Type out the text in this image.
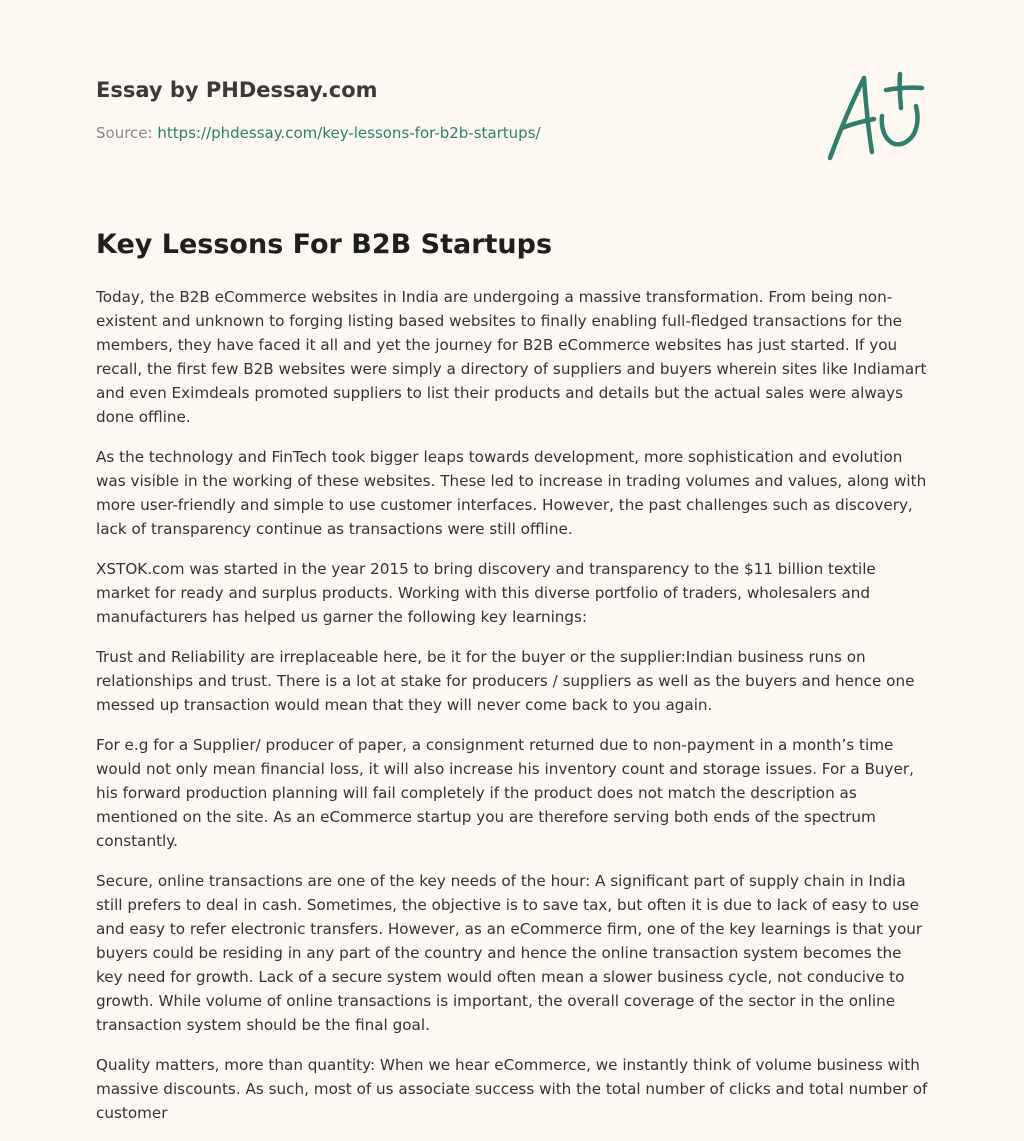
Essay by PHDessay.com
Source: https://phdessay.com/key-lessons-for-b2b-startups/
Key Lessons For B2B Startups

Today, the B2B eCommerce websites in India are undergoing a massive transformation. From being non-existent and unknown to forging listing based websites to finally enabling full-fledged transactions for the members, they have faced it all and yet the journey for B2B eCommerce websites has just started. If you recall, the first few B2B websites were simply a directory of suppliers and buyers wherein sites like Indiamart and even Eximdeals promoted suppliers to list their products and details but the actual sales were always done offline.

As the technology and FinTech took bigger leaps towards development, more sophistication and evolution was visible in the working of these websites. These led to increase in trading volumes and values, along with more user-friendly and simple to use customer interfaces. However, the past challenges such as discovery, lack of transparency continue as transactions were still offline.

XSTOK.com was started in the year 2015 to bring discovery and transparency to the $11 billion textile market for ready and surplus products. Working with this diverse portfolio of traders, wholesalers and manufacturers has helped us garner the following key learnings:

Trust and Reliability are irreplaceable here, be it for the buyer or the supplier:Indian business runs on relationships and trust. There is a lot at stake for producers / suppliers as well as the buyers and hence one messed up transaction would mean that they will never come back to you again.

For e.g for a Supplier/ producer of paper, a consignment returned due to non-payment in a month’s time would not only mean financial loss, it will also increase his inventory count and storage issues. For a Buyer, his forward production planning will fail completely if the product does not match the description as mentioned on the site. As an eCommerce startup you are therefore serving both ends of the spectrum constantly.

Secure, online transactions are one of the key needs of the hour: A significant part of supply chain in India still prefers to deal in cash. Sometimes, the objective is to save tax, but often it is due to lack of easy to use and easy to refer electronic transfers. However, as an eCommerce firm, one of the key learnings is that your buyers could be residing in any part of the country and hence the online transaction system becomes the key need for growth. Lack of a secure system would often mean a slower business cycle, not conducive to growth. While volume of online transactions is important, the overall coverage of the sector in the online transaction system should be the final goal.

Quality matters, more than quantity: When we hear eCommerce, we instantly think of volume business with massive discounts. As such, most of us associate success with the total number of clicks and total number of customer
